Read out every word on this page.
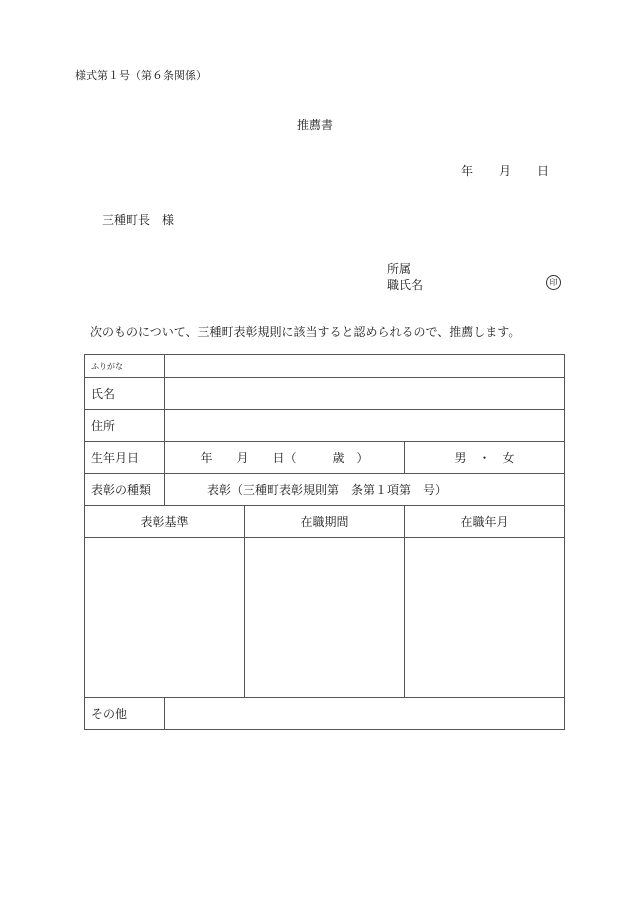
様式第１号（第６条関係）
推薦書
年 月 日
三種町長　様
所属
職氏名	印
次のものについて、三種町表彰規則に該当すると認められるので、推薦します。
ふりがな			
氏名			
住所			
生年月日	年　　月　　日（　　　歳　）		男　・　女
表彰の種類	表彰（三種町表彰規則第　条第１項第　号）		
表彰基準		在職期間	在職年月

その他			
